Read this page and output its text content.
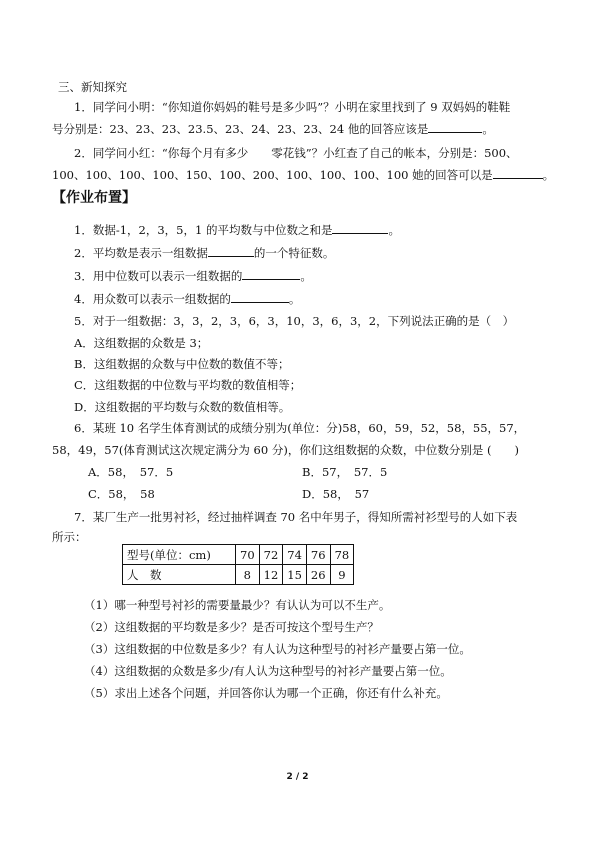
三、新知探究
1．同学问小明：“你知道你妈妈的鞋号是多少吗”？小明在家里找到了 9 双妈妈的鞋鞋
号分别是：23、23、23、23.5、23、24、23、23、24 他的回答应该是	。
2．同学问小红：“你每个月有多少　　零花钱”？小红查了自己的帐本，分别是：500、
100、100、100、100、150、100、200、100、100、100、100 她的回答可以是	。
【作业布置】
1．数据-1，2，3，5，1 的平均数与中位数之和是	。
2．平均数是表示一组数据	的一个特征数。
3．用中位数可以表示一组数据的	。
4．用众数可以表示一组数据的	。
5．对于一组数据：3，3，2，3，6，3，10，3，6，3，2，下列说法正确的是（　）
A．这组数据的众数是 3；
B．这组数据的众数与中位数的数值不等；
C．这组数据的中位数与平均数的数值相等；
D．这组数据的平均数与众数的数值相等。
6．某班 10 名学生体育测试的成绩分别为(单位：分)58，60，59，52，58，55，57，
58，49，57(体育测试这次规定满分为 60 分)，你们这组数据的众数，中位数分别是 (　　)
A．58，　57．5	B．57，　57．5
C．58，　58	D．58，　57
7．某厂生产一批男衬衫，经过抽样调查 70 名中年男子，得知所需衬衫型号的人如下表
所示：
型号(单位：cm)	70	72	74	76	78
人　数	8	12	15	26	9
（1）哪一种型号衬衫的需要量最少？有认认为可以不生产。
（2）这组数据的平均数是多少？是否可按这个型号生产？
（3）这组数据的中位数是多少？有人认为这种型号的衬衫产量要占第一位。
（4）这组数据的众数是多少/有人认为这种型号的衬衫产量要占第一位。
（5）求出上述各个问题，并回答你认为哪一个正确，你还有什么补充。
2 / 2
